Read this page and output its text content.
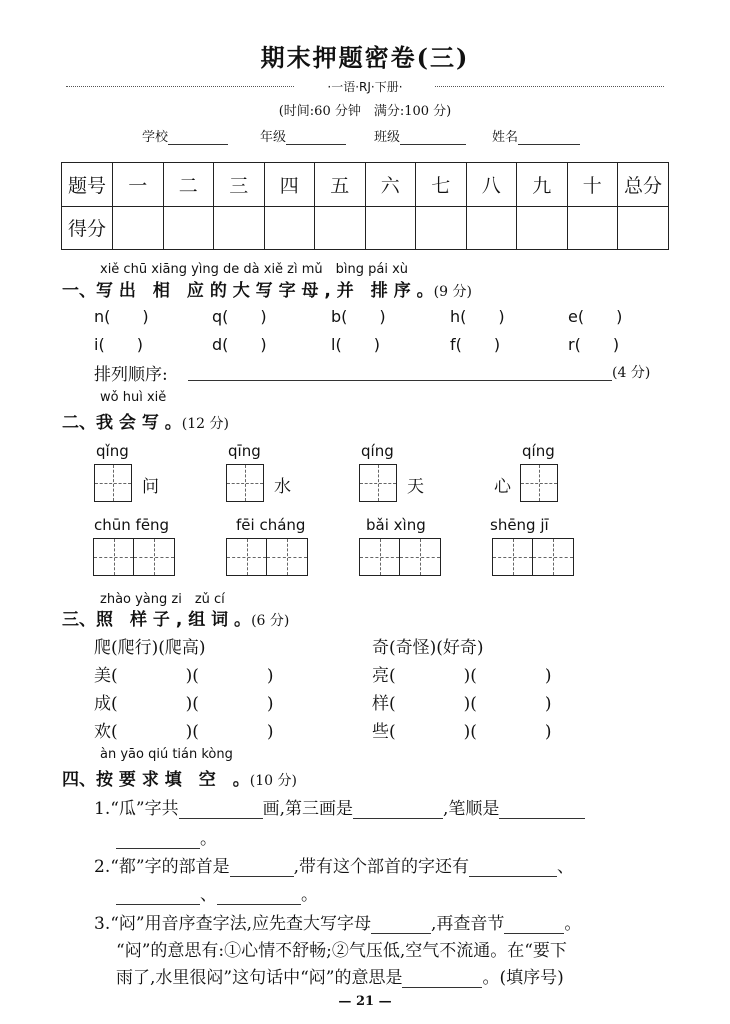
期末押题密卷(三)
·一语·RJ·下册·
(时间:60 分钟　满分:100 分)
学校	年级	班级	姓名
题号	一	二	三	四	五	六	七	八	九	十	总分
得分											
xiě chū xiāng yìng de dà xiě zì mǔ　bìng pái xù
一、写 出　相　应 的 大 写 字 母 , 并　排 序 。(9 分)
n(　　)	q(　　)	b(　　)	h(　　)	e(　　)
i(　　)	d(　　)	l(　　)	f(　　)	r(　　)
排列顺序:	(4 分)
wǒ huì xiě
二、我 会 写 。(12 分)
qǐng
问
qīng
水
qíng
天
qíng
心
chūn fēng	fēi cháng	bǎi xìng	shēng jī
zhào yàng zi　zǔ cí
三、照　样 子 , 组 词 。(6 分)
爬(爬行)(爬高)	奇(奇怪)(好奇)
美(　　　　)(　　　　)	亮(　　　　)(　　　　)
成(　　　　)(　　　　)	样(　　　　)(　　　　)
欢(　　　　)(　　　　)	些(　　　　)(　　　　)
àn yāo qiú tián kòng
四、按 要 求 填　空　。(10 分)
1.“瓜”字共	画,第三画是	,笔顺是
。
2.“都”字的部首是	,带有这个部首的字还有	、
、	。
3.“闷”用音序查字法,应先查大写字母	,再查音节	。
“闷”的意思有:①心情不舒畅;②气压低,空气不流通。在“要下
雨了,水里很闷”这句话中“闷”的意思是	。(填序号)
— 21 —
